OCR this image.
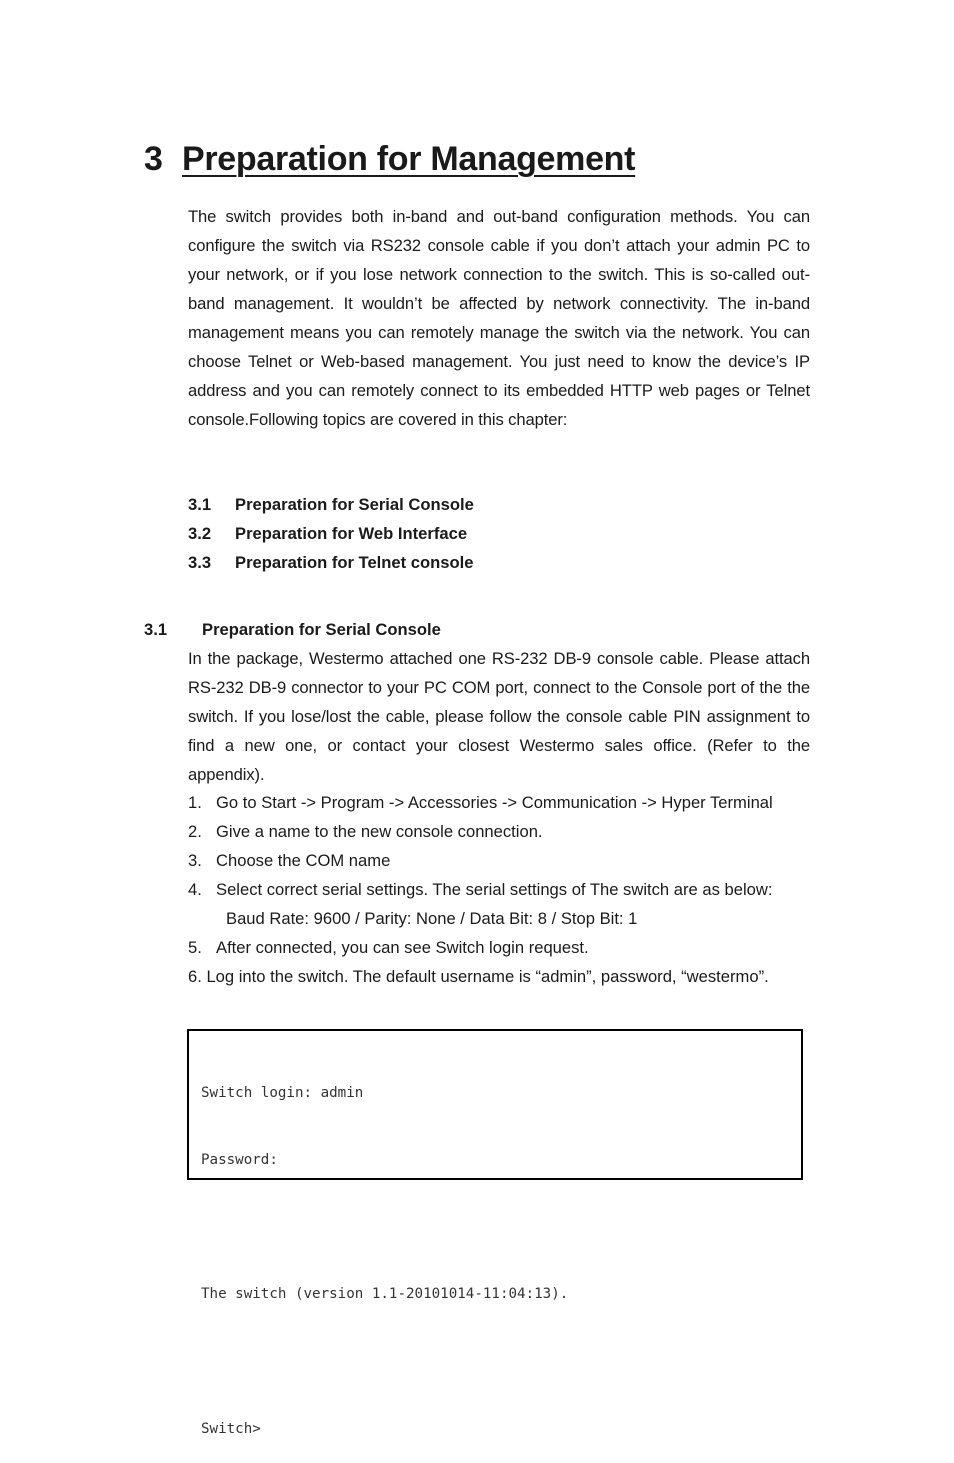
3 Preparation for Management
The switch provides both in-band and out-band configuration methods. You can configure the switch via RS232 console cable if you don’t attach your admin PC to your network, or if you lose network connection to the switch. This is so-called out-band management. It wouldn’t be affected by network connectivity. The in-band management means you can remotely manage the switch via the network. You can choose Telnet or Web-based management. You just need to know the device’s IP address and you can remotely connect to its embedded HTTP web pages or Telnet console.Following topics are covered in this chapter:
3.1 Preparation for Serial Console
3.2 Preparation for Web Interface
3.3 Preparation for Telnet console
3.1 Preparation for Serial Console
In the package, Westermo attached one RS-232 DB-9 console cable. Please attach RS-232 DB-9 connector to your PC COM port, connect to the Console port of the the switch. If you lose/lost the cable, please follow the console cable PIN assignment to find a new one, or contact your closest Westermo sales office. (Refer to the appendix).
1. Go to Start -> Program -> Accessories -> Communication -> Hyper Terminal
2. Give a name to the new console connection.
3. Choose the COM name
4. Select correct serial settings. The serial settings of The switch are as below:
Baud Rate: 9600 / Parity: None / Data Bit: 8 / Stop Bit: 1
5. After connected, you can see Switch login request.
6. Log into the switch. The default username is “admin”, password, “westermo”.

Switch login: admin

Password:

The switch (version 1.1-20101014-11:04:13).

Switch>
